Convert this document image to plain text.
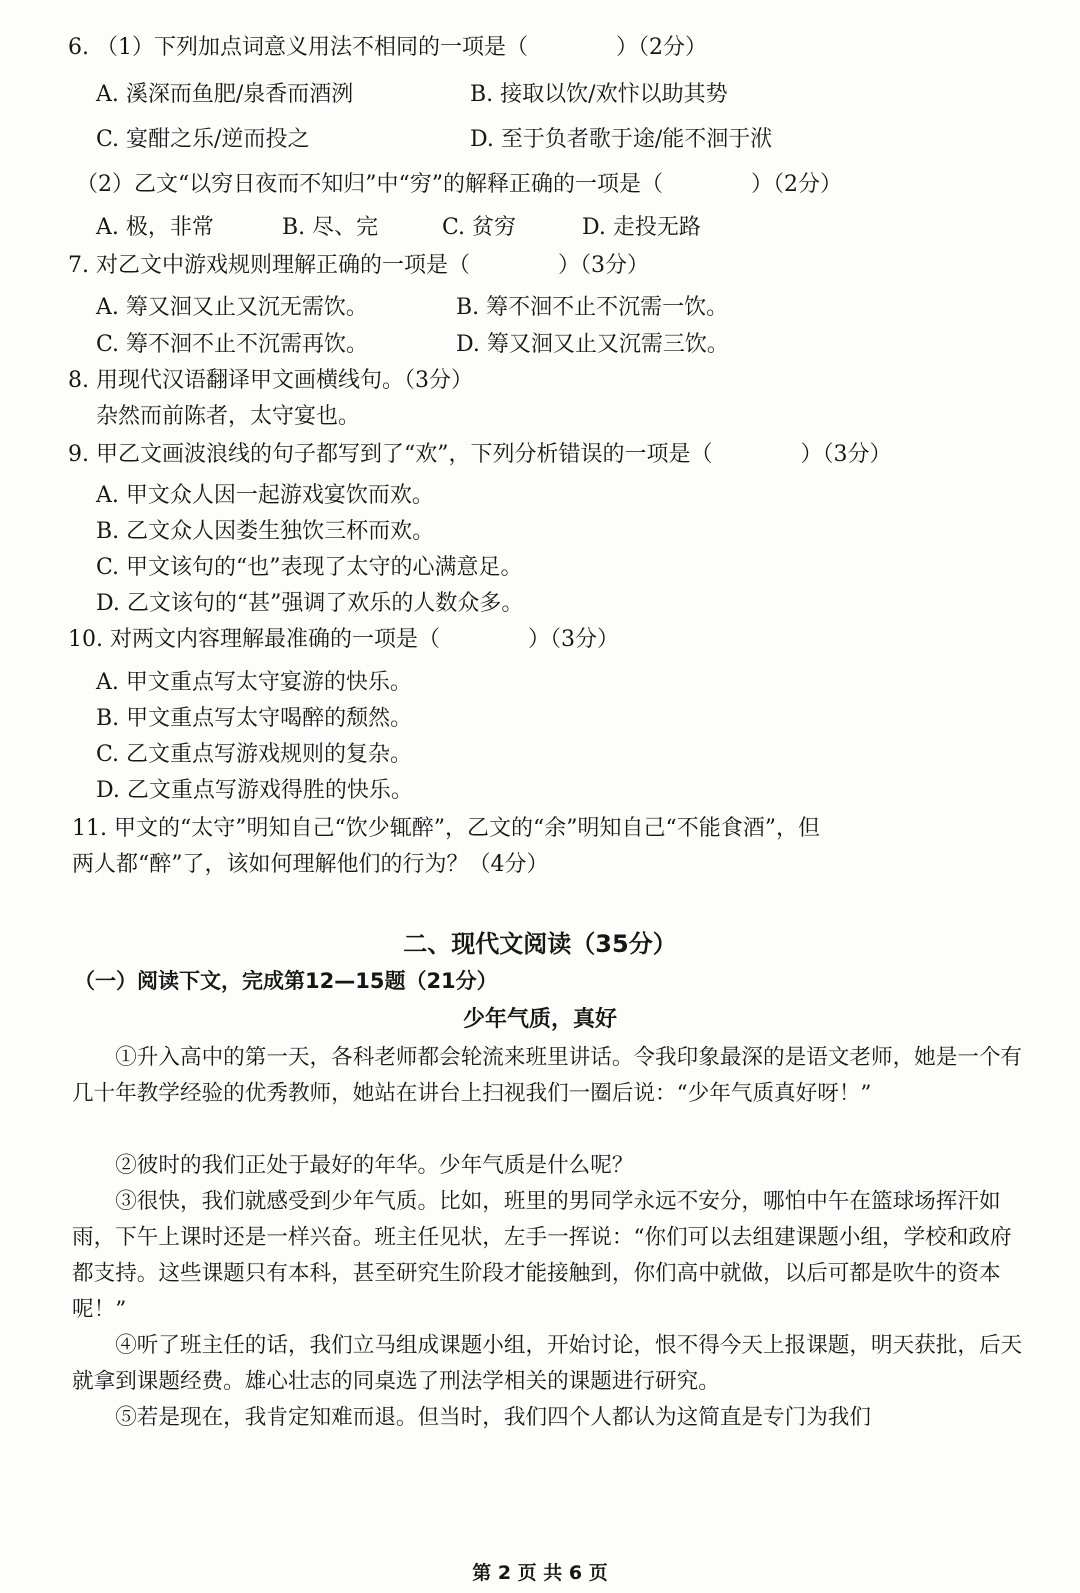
6. （1）下列加点词意义用法不相同的一项是（　　　　）（2分）
A. 溪深而鱼肥/泉香而酒洌	B. 接取以饮/欢忭以助其势
C. 宴酣之乐/逆而投之	D. 至于负者歌于途/能不洄于洑
（2）乙文“以穷日夜而不知归”中“穷”的解释正确的一项是（　　　　）（2分）
A. 极，非常	B. 尽、完	C. 贫穷	D. 走投无路
7. 对乙文中游戏规则理解正确的一项是（　　　　）（3分）
A. 筹又洄又止又沉无需饮。	B. 筹不洄不止不沉需一饮。
C. 筹不洄不止不沉需再饮。	D. 筹又洄又止又沉需三饮。
8. 用现代汉语翻译甲文画横线句。（3分）
杂然而前陈者，太守宴也。
9. 甲乙文画波浪线的句子都写到了“欢”，下列分析错误的一项是（　　　　）（3分）
A. 甲文众人因一起游戏宴饮而欢。
B. 乙文众人因娄生独饮三杯而欢。
C. 甲文该句的“也”表现了太守的心满意足。
D. 乙文该句的“甚”强调了欢乐的人数众多。
10. 对两文内容理解最准确的一项是（　　　　）（3分）
A. 甲文重点写太守宴游的快乐。
B. 甲文重点写太守喝醉的颓然。
C. 乙文重点写游戏规则的复杂。
D. 乙文重点写游戏得胜的快乐。
11. 甲文的“太守”明知自己“饮少辄醉”，乙文的“余”明知自己“不能食酒”，但
两人都“醉”了，该如何理解他们的行为？（4分）
二、现代文阅读（35分）
（一）阅读下文，完成第12—15题（21分）
少年气质，真好
①升入高中的第一天，各科老师都会轮流来班里讲话。令我印象最深的是语文老师，她是一个有几十年教学经验的优秀教师，她站在讲台上扫视我们一圈后说：“少年气质真好呀！”
②彼时的我们正处于最好的年华。少年气质是什么呢？
③很快，我们就感受到少年气质。比如，班里的男同学永远不安分，哪怕中午在篮球场挥汗如雨，下午上课时还是一样兴奋。班主任见状，左手一挥说：“你们可以去组建课题小组，学校和政府都支持。这些课题只有本科，甚至研究生阶段才能接触到，你们高中就做，以后可都是吹牛的资本呢！”
④听了班主任的话，我们立马组成课题小组，开始讨论，恨不得今天上报课题，明天获批，后天就拿到课题经费。雄心壮志的同桌选了刑法学相关的课题进行研究。
⑤若是现在，我肯定知难而退。但当时，我们四个人都认为这简直是专门为我们
第 2 页 共 6 页
